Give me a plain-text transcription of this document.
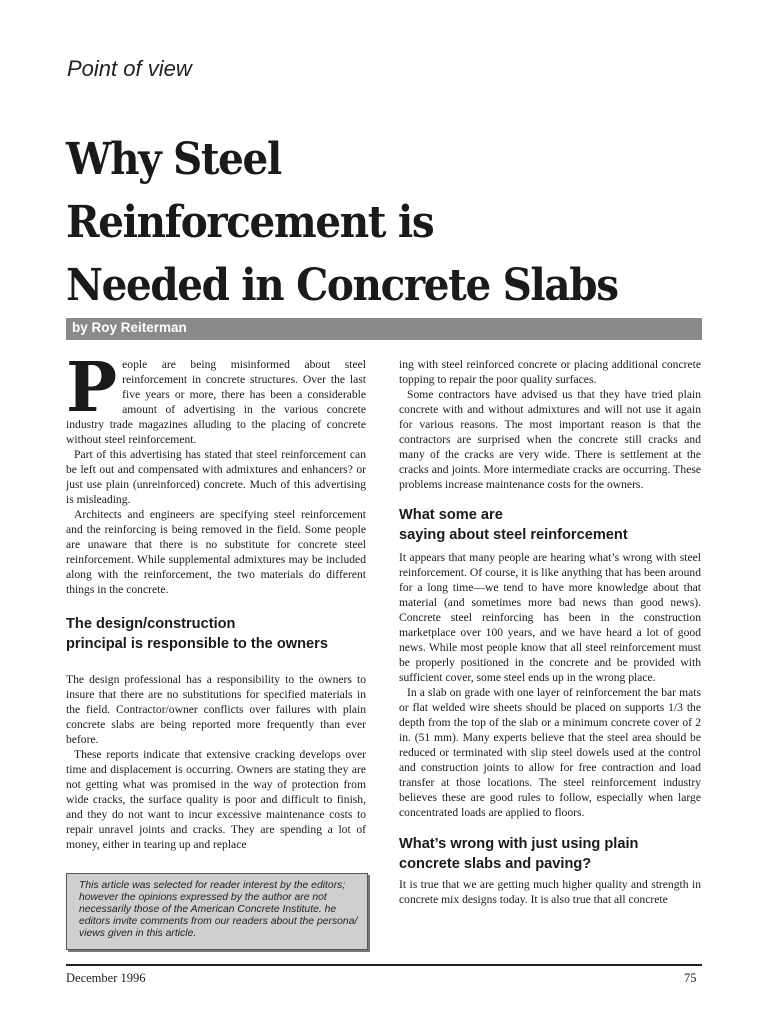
Point of view
Why Steel
Reinforcement is
Needed in Concrete Slabs
by Roy Reiterman

People are being misinformed about steel reinforcement in concrete structures. Over the last five years or more, there has been a considerable amount of advertising in the various concrete industry trade magazines alluding to the placing of concrete without steel reinforcement.

Part of this advertising has stated that steel reinforcement can be left out and compensated with admixtures and enhancers? or just use plain (unreinforced) concrete. Much of this advertising is misleading.

Architects and engineers are specifying steel reinforcement and the reinforcing is being removed in the field. Some people are unaware that there is no substitute for concrete steel reinforcement. While supplemental admixtures may be included along with the reinforcement, the two materials do different things in the concrete.

The design/construction
principal is responsible to the owners

The design professional has a responsibility to the owners to insure that there are no substitutions for specified materials in the field. Contractor/owner conflicts over failures with plain concrete slabs are being reported more frequently than ever before.

These reports indicate that extensive cracking develops over time and displacement is occurring. Owners are stating they are not getting what was promised in the way of protection from wide cracks, the surface quality is poor and difficult to finish, and they do not want to incur excessive maintenance costs to repair unravel joints and cracks. They are spending a lot of money, either in tearing up and replace

ing with steel reinforced concrete or placing additional concrete topping to repair the poor quality surfaces.

Some contractors have advised us that they have tried plain concrete with and without admixtures and will not use it again for various reasons. The most important reason is that the contractors are surprised when the concrete still cracks and many of the cracks are very wide. There is settlement at the cracks and joints. More intermediate cracks are occurring. These problems increase maintenance costs for the owners.

What some are
saying about steel reinforcement

It appears that many people are hearing what’s wrong with steel reinforcement. Of course, it is like anything that has been around for a long time—we tend to have more knowledge about that material (and sometimes more bad news than good news). Concrete steel reinforcing has been in the construction marketplace over 100 years, and we have heard a lot of good news. While most people know that all steel reinforcement must be properly positioned in the concrete and be provided with sufficient cover, some steel ends up in the wrong place.

In a slab on grade with one layer of reinforcement the bar mats or flat welded wire sheets should be placed on supports 1/3 the depth from the top of the slab or a minimum concrete cover of 2 in. (51 mm). Many experts believe that the steel area should be reduced or terminated with slip steel dowels used at the control and construction joints to allow for free contraction and load transfer at those locations. The steel reinforcement industry believes these are good rules to follow, especially when large concentrated loads are applied to floors.

What’s wrong with just using plain
concrete slabs and paving?

It is true that we are getting much higher quality and strength in concrete mix designs today. It is also true that all concrete

This article was selected for reader interest by the editors; however the opinions expressed by the author are not necessarily those of the American Concrete Institute. he editors invite comments from our readers about the persona/ views given in this article.
December 1996	75
